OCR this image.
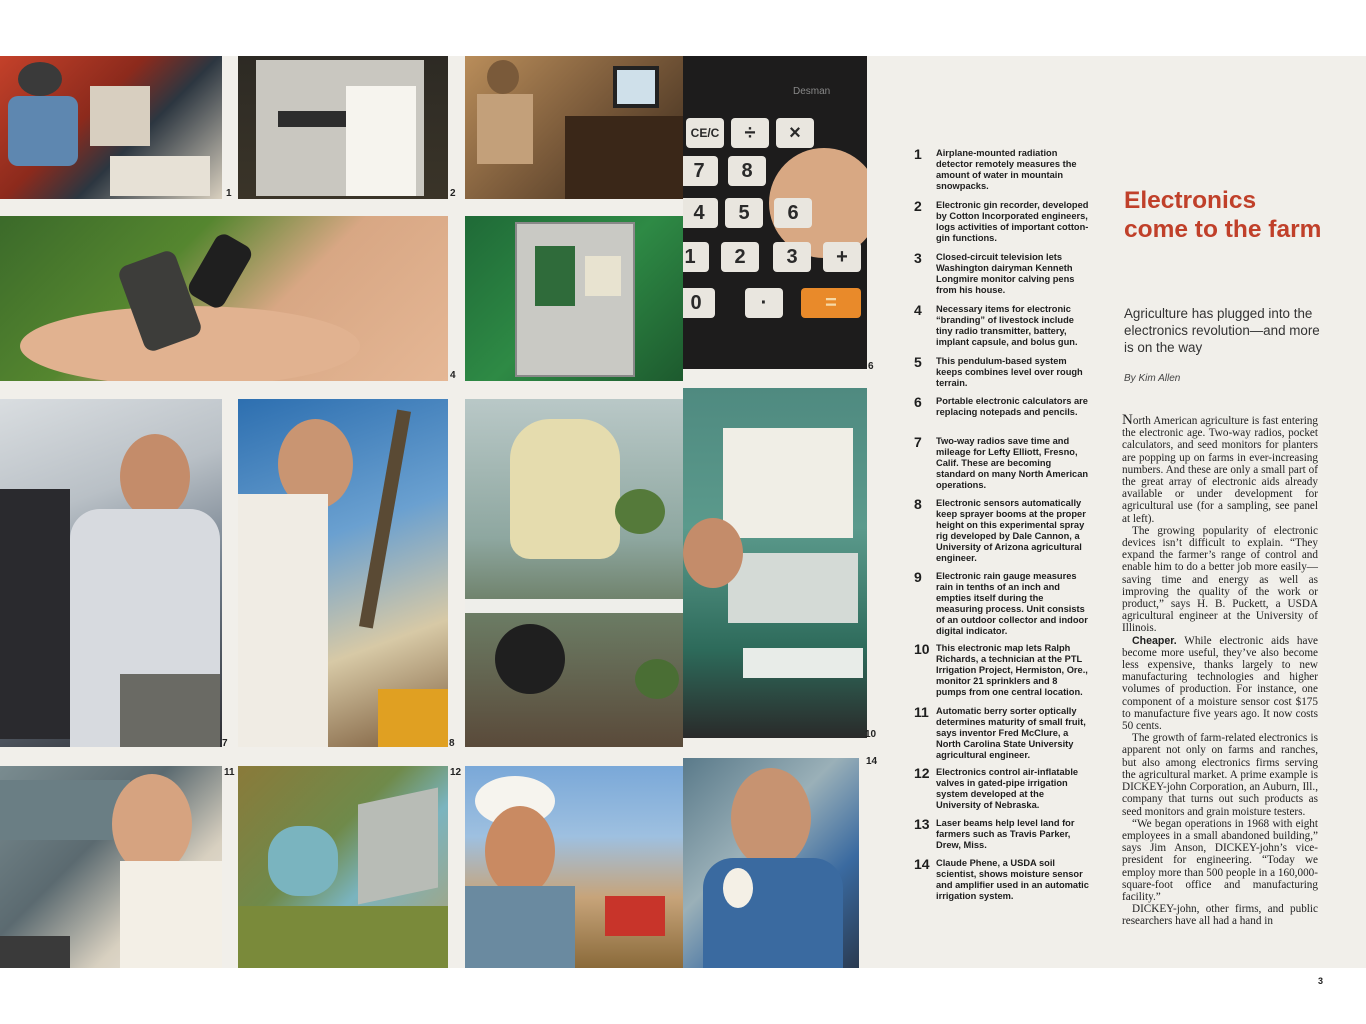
1	2
4
Desman
CE/C	÷	×
7	8
4	5	6
1	2	3	+
0	·	=
6
7	8
10
11	12
14
1	Airplane-mounted radiation detector remotely measures the amount of water in mountain snowpacks.
2	Electronic gin recorder, developed by Cotton Incorporated engineers, logs activities of important cotton-gin functions.
3	Closed-circuit television lets Washington dairyman Kenneth Longmire monitor calving pens from his house.
4	Necessary items for electronic “branding” of livestock include tiny radio transmitter, battery, implant capsule, and bolus gun.
5	This pendulum-based system keeps combines level over rough terrain.
6	Portable electronic calculators are replacing notepads and pencils.
7	Two-way radios save time and mileage for Lefty Elliott, Fresno, Calif. These are becoming standard on many North American operations.
8	Electronic sensors automatically keep sprayer booms at the proper height on this experimental spray rig developed by Dale Cannon, a University of Arizona agricultural engineer.
9	Electronic rain gauge measures rain in tenths of an inch and empties itself during the measuring process. Unit consists of an outdoor collector and indoor digital indicator.
10 This electronic map lets Ralph Richards, a technician at the PTL Irrigation Project, Hermiston, Ore., monitor 21 sprinklers and 8 pumps from one central location.
11 Automatic berry sorter optically determines maturity of small fruit, says inventor Fred McClure, a North Carolina State University agricultural engineer.
12 Electronics control air-inflatable valves in gated-pipe irrigation system developed at the University of Nebraska.
13 Laser beams help level land for farmers such as Travis Parker, Drew, Miss.
14 Claude Phene, a USDA soil scientist, shows moisture sensor and amplifier used in an automatic irrigation system.
Electronics come to the farm
Agriculture has plugged into the electronics revolution—and more is on the way
By Kim Allen

North American agriculture is fast entering the electronic age. Two-way radios, pocket calculators, and seed monitors for planters are popping up on farms in ever-increasing numbers. And these are only a small part of the great array of electronic aids already available or under development for agricultural use (for a sampling, see panel at left).

The growing popularity of electronic devices isn’t difficult to explain. “They expand the farmer’s range of control and enable him to do a better job more easily—saving time and energy as well as improving the quality of the work or product,” says H. B. Puckett, a USDA agricultural engineer at the University of Illinois.

Cheaper. While electronic aids have become more useful, they’ve also become less expensive, thanks largely to new manufacturing technologies and higher volumes of production. For instance, one component of a moisture sensor cost $175 to manufacture five years ago. It now costs 50 cents.

The growth of farm-related electronics is apparent not only on farms and ranches, but also among electronics firms serving the agricultural market. A prime example is DICKEY-john Corporation, an Auburn, Ill., company that turns out such products as seed monitors and grain moisture testers.

“We began operations in 1968 with eight employees in a small abandoned building,” says Jim Anson, DICKEY-john’s vice-president for engineering. “Today we employ more than 500 people in a 160,000-square-foot office and manufacturing facility.”

DICKEY-john, other firms, and public researchers have all had a hand in

3
